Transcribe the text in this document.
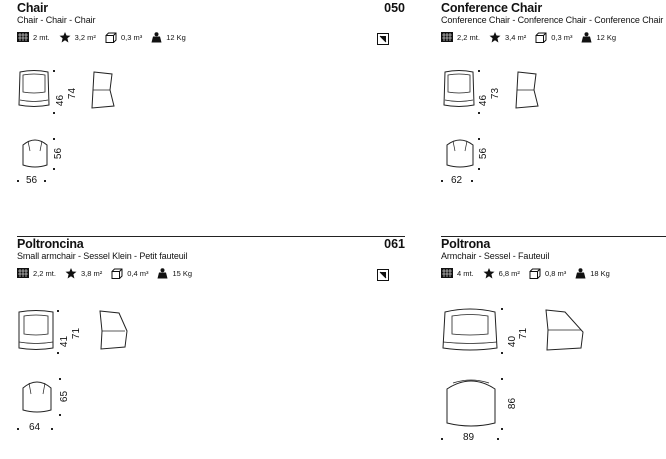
Chair	050
Chair - Chair - Chair
2 mt.	3,2 m²	0,3 m³	12 Kg
46
74
56
56
Conference Chair
Conference Chair - Conference Chair - Conference Chair
2,2 mt.	3,4 m²	0,3 m³	12 Kg
46
73
56
62
Poltroncina	061
Small armchair - Sessel Klein - Petit fauteuil
2,2 mt.	3,8 m²	0,4 m³	15 Kg
41
71
65
64
Poltrona
Armchair - Sessel - Fauteuil
4 mt.	6,8 m²	0,8 m³	18 Kg
40
71
86
89
